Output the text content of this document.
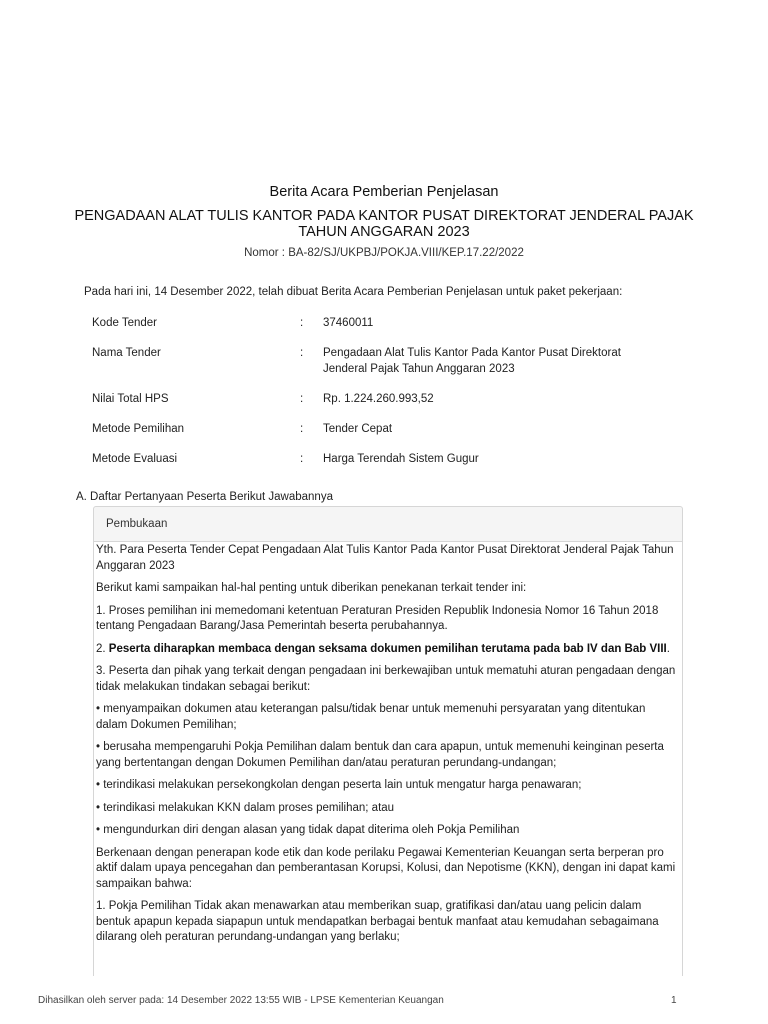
Berita Acara Pemberian Penjelasan
PENGADAAN ALAT TULIS KANTOR PADA KANTOR PUSAT DIREKTORAT JENDERAL PAJAK TAHUN ANGGARAN 2023
Nomor : BA-82/SJ/UKPBJ/POKJA.VIII/KEP.17.22/2022
Pada hari ini, 14 Desember 2022, telah dibuat Berita Acara Pemberian Penjelasan untuk paket pekerjaan:
Kode Tender	: 37460011
Nama Tender	: Pengadaan Alat Tulis Kantor Pada Kantor Pusat Direktorat Jenderal Pajak Tahun Anggaran 2023
Nilai Total HPS	: Rp. 1.224.260.993,52
Metode Pemilihan	: Tender Cepat
Metode Evaluasi	: Harga Terendah Sistem Gugur
A. Daftar Pertanyaan Peserta Berikut Jawabannya
Pembukaan

Yth. Para Peserta Tender Cepat Pengadaan Alat Tulis Kantor Pada Kantor Pusat Direktorat Jenderal Pajak Tahun Anggaran 2023

Berikut kami sampaikan hal-hal penting untuk diberikan penekanan terkait tender ini:

1. Proses pemilihan ini memedomani ketentuan Peraturan Presiden Republik Indonesia Nomor 16 Tahun 2018 tentang Pengadaan Barang/Jasa Pemerintah beserta perubahannya.

2. Peserta diharapkan membaca dengan seksama dokumen pemilihan terutama pada bab IV dan Bab VIII.

3. Peserta dan pihak yang terkait dengan pengadaan ini berkewajiban untuk mematuhi aturan pengadaan dengan tidak melakukan tindakan sebagai berikut:

• menyampaikan dokumen atau keterangan palsu/tidak benar untuk memenuhi persyaratan yang ditentukan dalam Dokumen Pemilihan;

• berusaha mempengaruhi Pokja Pemilihan dalam bentuk dan cara apapun, untuk memenuhi keinginan peserta yang bertentangan dengan Dokumen Pemilihan dan/atau peraturan perundang-undangan;

• terindikasi melakukan persekongkolan dengan peserta lain untuk mengatur harga penawaran;

• terindikasi melakukan KKN dalam proses pemilihan; atau

• mengundurkan diri dengan alasan yang tidak dapat diterima oleh Pokja Pemilihan

Berkenaan dengan penerapan kode etik dan kode perilaku Pegawai Kementerian Keuangan serta berperan pro aktif dalam upaya pencegahan dan pemberantasan Korupsi, Kolusi, dan Nepotisme (KKN), dengan ini dapat kami sampaikan bahwa:

1. Pokja Pemilihan Tidak akan menawarkan atau memberikan suap, gratifikasi dan/atau uang pelicin dalam bentuk apapun kepada siapapun untuk mendapatkan berbagai bentuk manfaat atau kemudahan sebagaimana dilarang oleh peraturan perundang-undangan yang berlaku;

Dihasilkan oleh server pada: 14 Desember 2022 13:55 WIB - LPSE Kementerian Keuangan	1
